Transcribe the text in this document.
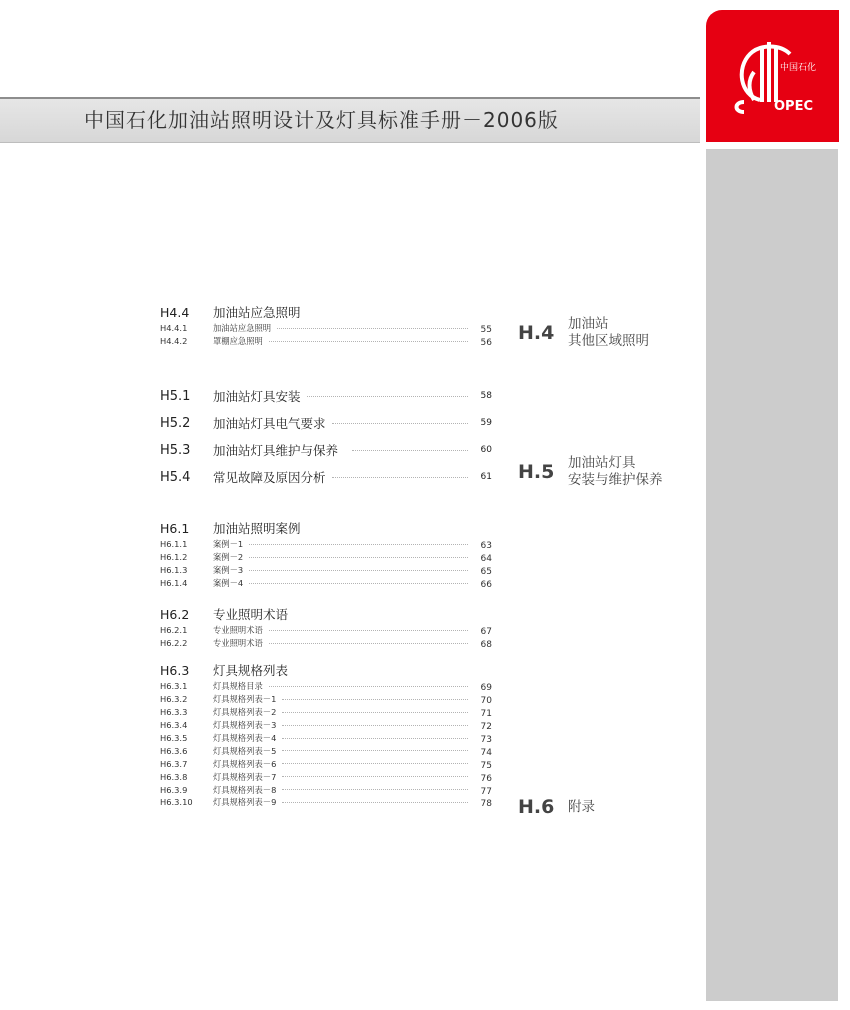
中国石化加油站照明设计及灯具标准手册－2006版
中国石化
OPEC
H4.4	加油站应急照明
H4.4.1	加油站应急照明	55
H4.4.2	罩棚应急照明	56
H5.1	加油站灯具安装	58
H5.2	加油站灯具电气要求	59
H5.3	加油站灯具维护与保养	60
H5.4	常见故障及原因分析	61
H6.1	加油站照明案例
H6.1.1	案例－1	63
H6.1.2	案例－2	64
H6.1.3	案例－3	65
H6.1.4	案例－4	66
H6.2	专业照明术语
H6.2.1	专业照明术语	67
H6.2.2	专业照明术语	68
H6.3	灯具规格列表
H6.3.1	灯具规格目录	69
H6.3.2	灯具规格列表－1	70
H6.3.3	灯具规格列表－2	71
H6.3.4	灯具规格列表－3	72
H6.3.5	灯具规格列表－4	73
H6.3.6	灯具规格列表－5	74
H6.3.7	灯具规格列表－6	75
H6.3.8	灯具规格列表－7	76
H6.3.9	灯具规格列表－8	77
H6.3.10	灯具规格列表－9	78
H.4	加油站
其他区域照明
H.5	加油站灯具
安装与维护保养
H.6	附录
